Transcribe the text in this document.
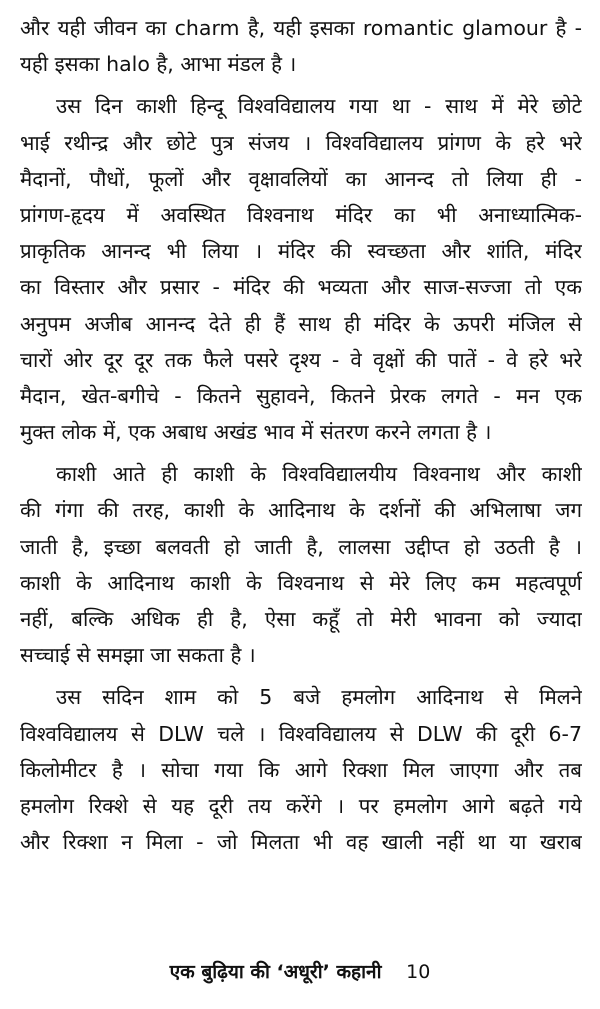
और यही जीवन का charm है, यही इसका romantic glamour है -
यही इसका halo है, आभा मंडल है ।
उस दिन काशी हिन्दू विश्वविद्यालय गया था - साथ में मेरे छोटे
भाई रथीन्द्र और छोटे पुत्र संजय । विश्वविद्यालय प्रांगण के हरे भरे
मैदानों, पौधों, फूलों और वृक्षावलियों का आनन्द तो लिया ही -
प्रांगण-हृदय में अवस्थित विश्वनाथ मंदिर का भी अनाध्यात्मिक-
प्राकृतिक आनन्द भी लिया । मंदिर की स्वच्छता और शांति, मंदिर
का विस्तार और प्रसार - मंदिर की भव्यता और साज-सज्जा तो एक
अनुपम अजीब आनन्द देते ही हैं साथ ही मंदिर के ऊपरी मंजिल से
चारों ओर दूर दूर तक फैले पसरे दृश्य - वे वृक्षों की पातें - वे हरे भरे
मैदान, खेत-बगीचे - कितने सुहावने, कितने प्रेरक लगते - मन एक
मुक्त लोक में, एक अबाध अखंड भाव में संतरण करने लगता है ।
काशी आते ही काशी के विश्वविद्यालयीय विश्वनाथ और काशी
की गंगा की तरह, काशी के आदिनाथ के दर्शनों की अभिलाषा जग
जाती है, इच्छा बलवती हो जाती है, लालसा उद्दीप्त हो उठती है ।
काशी के आदिनाथ काशी के विश्वनाथ से मेरे लिए कम महत्वपूर्ण
नहीं, बल्कि अधिक ही है, ऐसा कहूँ तो मेरी भावना को ज्यादा
सच्चाई से समझा जा सकता है ।
उस सदिन शाम को 5 बजे हमलोग आदिनाथ से मिलने
विश्वविद्यालय से DLW चले । विश्वविद्यालय से DLW की दूरी 6-7
किलोमीटर है । सोचा गया कि आगे रिक्शा मिल जाएगा और तब
हमलोग रिक्शे से यह दूरी तय करेंगे । पर हमलोग आगे बढ़ते गये
और रिक्शा न मिला - जो मिलता भी वह खाली नहीं था या खराब
एक बुढ़िया की ‘अधूरी’ कहानी 10
